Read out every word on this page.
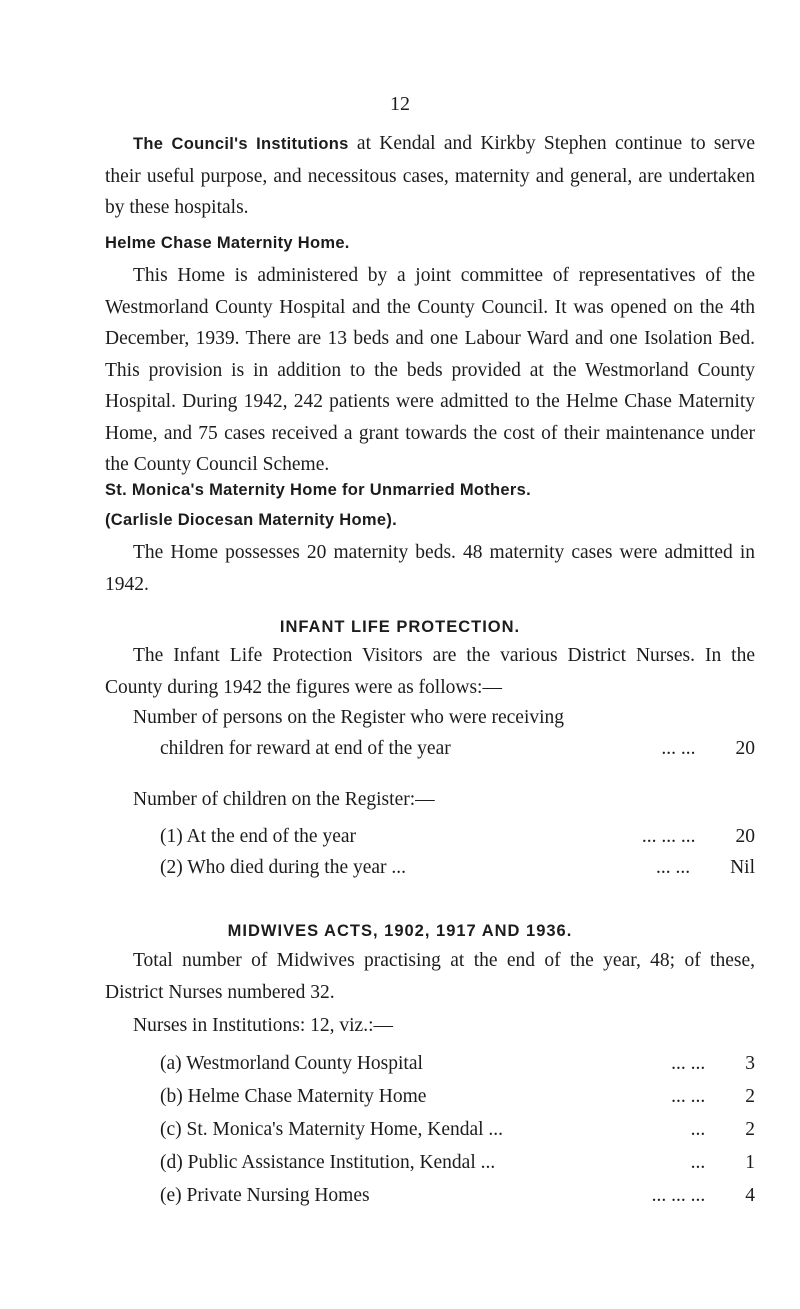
12

The Council's Institutions at Kendal and Kirkby Stephen continue to serve their useful purpose, and necessitous cases, maternity and general, are undertaken by these hospitals.

Helme Chase Maternity Home.

This Home is administered by a joint committee of representatives of the Westmorland County Hospital and the County Council. It was opened on the 4th December, 1939. There are 13 beds and one Labour Ward and one Isolation Bed. This provision is in addition to the beds provided at the Westmorland County Hospital. During 1942, 242 patients were admitted to the Helme Chase Maternity Home, and 75 cases received a grant towards the cost of their maintenance under the County Council Scheme.

St. Monica's Maternity Home for Unmarried Mothers.
(Carlisle Diocesan Maternity Home).

The Home possesses 20 maternity beds. 48 maternity cases were admitted in 1942.

INFANT LIFE PROTECTION.

The Infant Life Protection Visitors are the various District Nurses. In the County during 1942 the figures were as follows:—

Number of persons on the Register who were receiving
children for reward at end of the year	... ...	20
Number of children on the Register:—
(1) At the end of the year	... ... ...	20
(2) Who died during the year ...	... ...	Nil
MIDWIVES ACTS, 1902, 1917 AND 1936.

Total number of Midwives practising at the end of the year, 48; of these, District Nurses numbered 32.

Nurses in Institutions: 12, viz.:—
(a) Westmorland County Hospital	... ...	3
(b) Helme Chase Maternity Home	... ...	2
(c) St. Monica's Maternity Home, Kendal ...	...	2
(d) Public Assistance Institution, Kendal ...	...	1
(e) Private Nursing Homes	... ... ...	4
